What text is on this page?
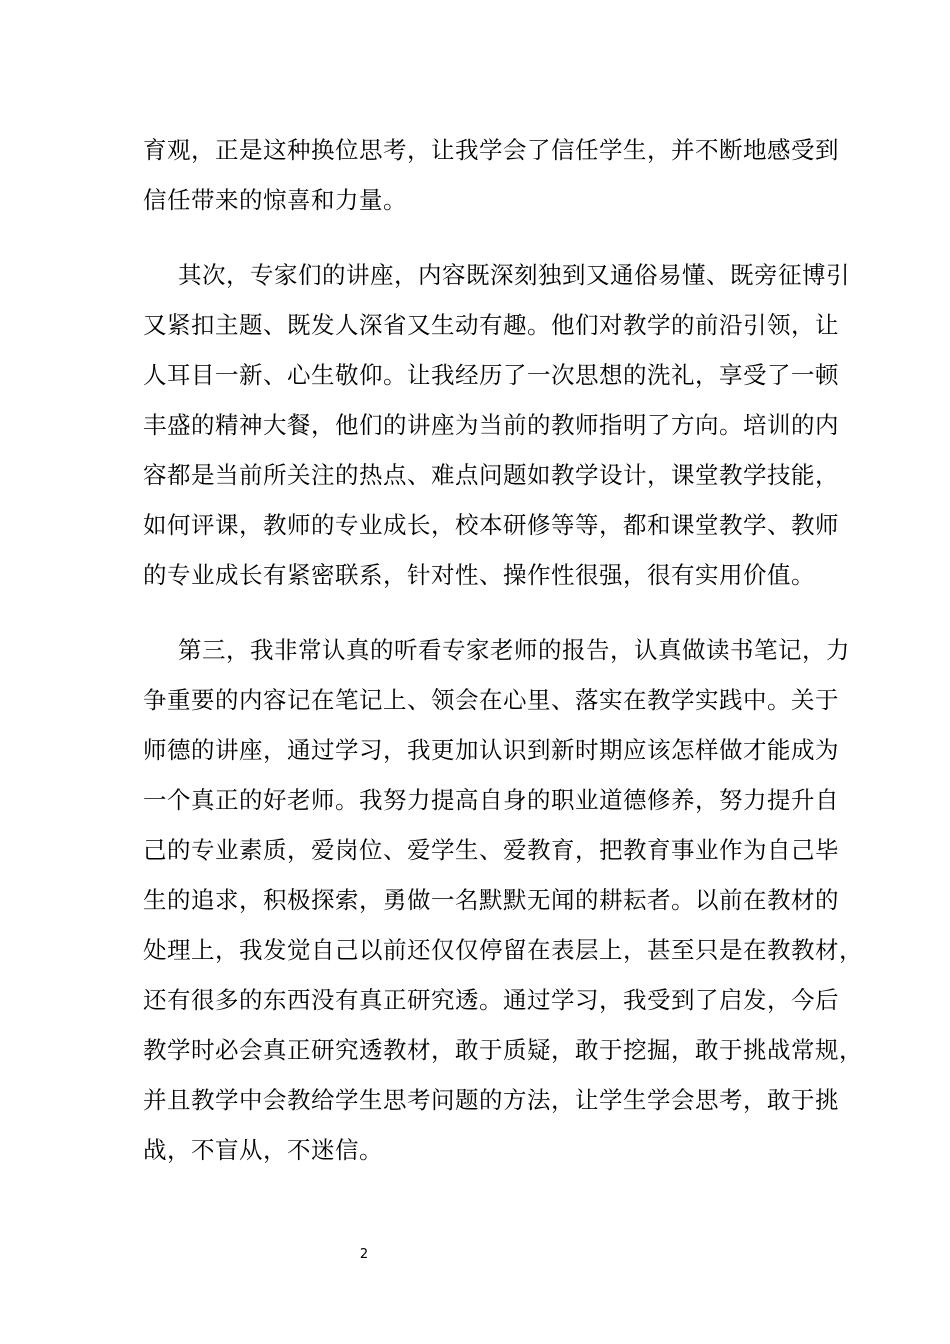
育观，正是这种换位思考，让我学会了信任学生，并不断地感受到
信任带来的惊喜和力量。
其次，专家们的讲座，内容既深刻独到又通俗易懂、既旁征博引
又紧扣主题、既发人深省又生动有趣。他们对教学的前沿引领，让
人耳目一新、心生敬仰。让我经历了一次思想的洗礼，享受了一顿
丰盛的精神大餐，他们的讲座为当前的教师指明了方向。培训的内
容都是当前所关注的热点、难点问题如教学设计，课堂教学技能，
如何评课，教师的专业成长，校本研修等等，都和课堂教学、教师
的专业成长有紧密联系，针对性、操作性很强，很有实用价值。
第三，我非常认真的听看专家老师的报告，认真做读书笔记，力
争重要的内容记在笔记上、领会在心里、落实在教学实践中。关于
师德的讲座，通过学习，我更加认识到新时期应该怎样做才能成为
一个真正的好老师。我努力提高自身的职业道德修养，努力提升自
己的专业素质，爱岗位、爱学生、爱教育，把教育事业作为自己毕
生的追求，积极探索，勇做一名默默无闻的耕耘者。以前在教材的
处理上，我发觉自己以前还仅仅停留在表层上，甚至只是在教教材，
还有很多的东西没有真正研究透。通过学习，我受到了启发，今后
教学时必会真正研究透教材，敢于质疑，敢于挖掘，敢于挑战常规，
并且教学中会教给学生思考问题的方法，让学生学会思考，敢于挑
战，不盲从，不迷信。
2
